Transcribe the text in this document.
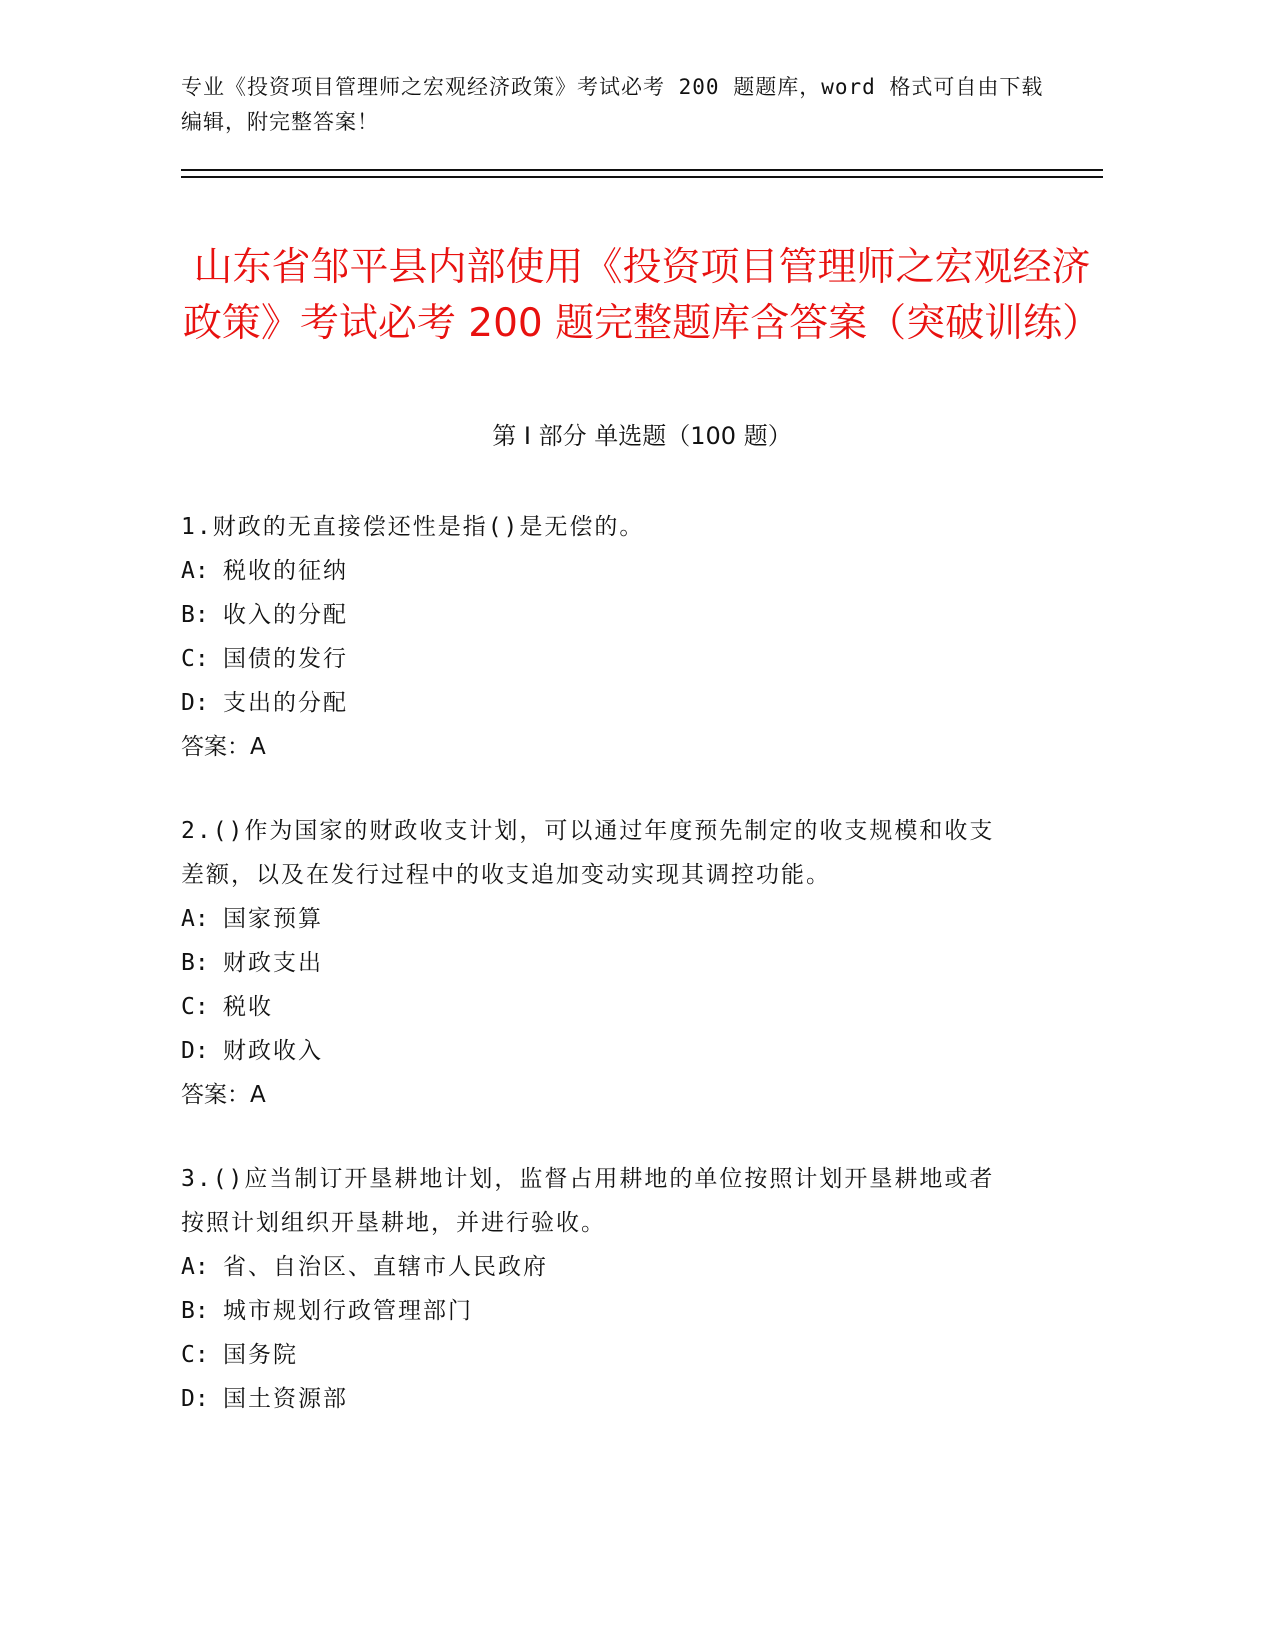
专业《投资项目管理师之宏观经济政策》考试必考 200 题题库，word 格式可自由下载编辑，附完整答案！
山东省邹平县内部使用《投资项目管理师之宏观经济政策》考试必考 200 题完整题库含答案（突破训练）
第 I 部分 单选题（100 题）
1.财政的无直接偿还性是指()是无偿的。
A: 税收的征纳
B: 收入的分配
C: 国债的发行
D: 支出的分配
答案：A
2.()作为国家的财政收支计划，可以通过年度预先制定的收支规模和收支差额，以及在发行过程中的收支追加变动实现其调控功能。
A: 国家预算
B: 财政支出
C: 税收
D: 财政收入
答案：A
3.()应当制订开垦耕地计划，监督占用耕地的单位按照计划开垦耕地或者按照计划组织开垦耕地，并进行验收。
A: 省、自治区、直辖市人民政府
B: 城市规划行政管理部门
C: 国务院
D: 国土资源部
